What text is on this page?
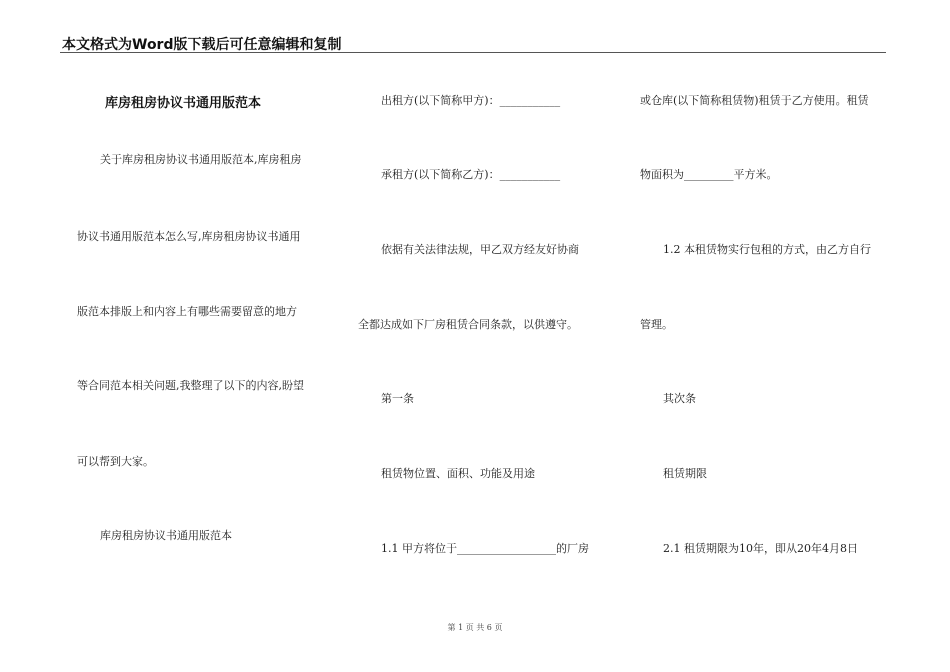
本文格式为Word版下载后可任意编辑和复制
库房租房协议书通用版范本
关于库房租房协议书通用版范本,库房租房
协议书通用版范本怎么写,库房租房协议书通用
版范本排版上和内容上有哪些需要留意的地方
等合同范本相关问题,我整理了以下的内容,盼望
可以帮到大家。
库房租房协议书通用版范本
出租方(以下简称甲方)：___________
承租方(以下简称乙方)：___________
依据有关法律法规，甲乙双方经友好协商
全都达成如下厂房租赁合同条款，以供遵守。
第一条
租赁物位置、面积、功能及用途
1.1 甲方将位于__________________的厂房
或仓库(以下简称租赁物)租赁于乙方使用。租赁
物面积为_________平方米。
1.2 本租赁物实行包租的方式，由乙方自行
管理。
其次条
租赁期限
2.1 租赁期限为10年，即从20年4月8日
第 1 页 共 6 页
